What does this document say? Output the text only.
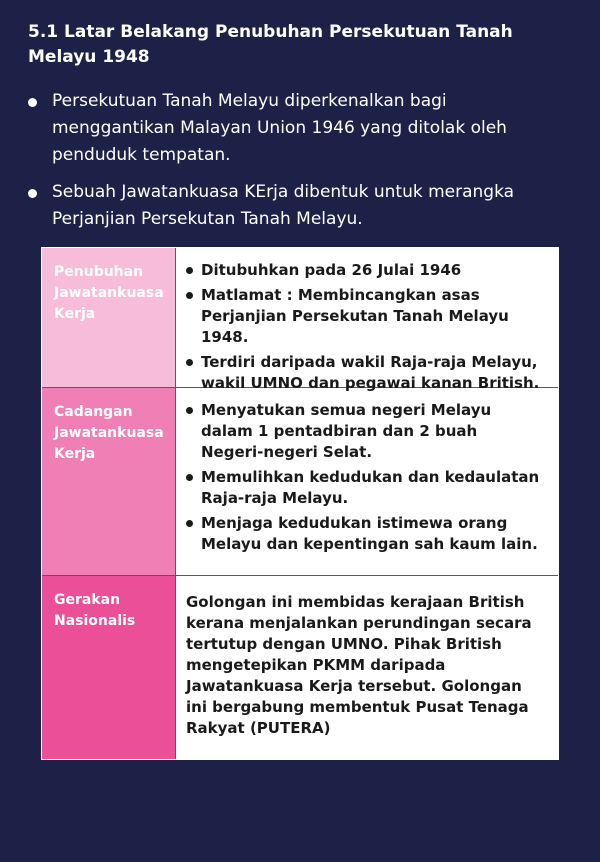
5.1 Latar Belakang Penubuhan Persekutuan Tanah Melayu 1948
Persekutuan Tanah Melayu diperkenalkan bagi menggantikan Malayan Union 1946 yang ditolak oleh penduduk tempatan.
Sebuah Jawatankuasa KErja dibentuk untuk merangka Perjanjian Persekutan Tanah Melayu.
Penubuhan Jawatankuasa Kerja
Ditubuhkan pada 26 Julai 1946
Matlamat : Membincangkan asas Perjanjian Persekutan Tanah Melayu 1948.
Terdiri daripada wakil Raja-raja Melayu, wakil UMNO dan pegawai kanan British.
Cadangan Jawatankuasa Kerja
Menyatukan semua negeri Melayu dalam 1 pentadbiran dan 2 buah Negeri-negeri Selat.
Memulihkan kedudukan dan kedaulatan Raja-raja Melayu.
Menjaga kedudukan istimewa orang Melayu dan kepentingan sah kaum lain.
Gerakan Nasionalis
Golongan ini membidas kerajaan British kerana menjalankan perundingan secara tertutup dengan UMNO. Pihak British mengetepikan PKMM daripada Jawatankuasa Kerja tersebut. Golongan ini bergabung membentuk Pusat Tenaga Rakyat (PUTERA)
